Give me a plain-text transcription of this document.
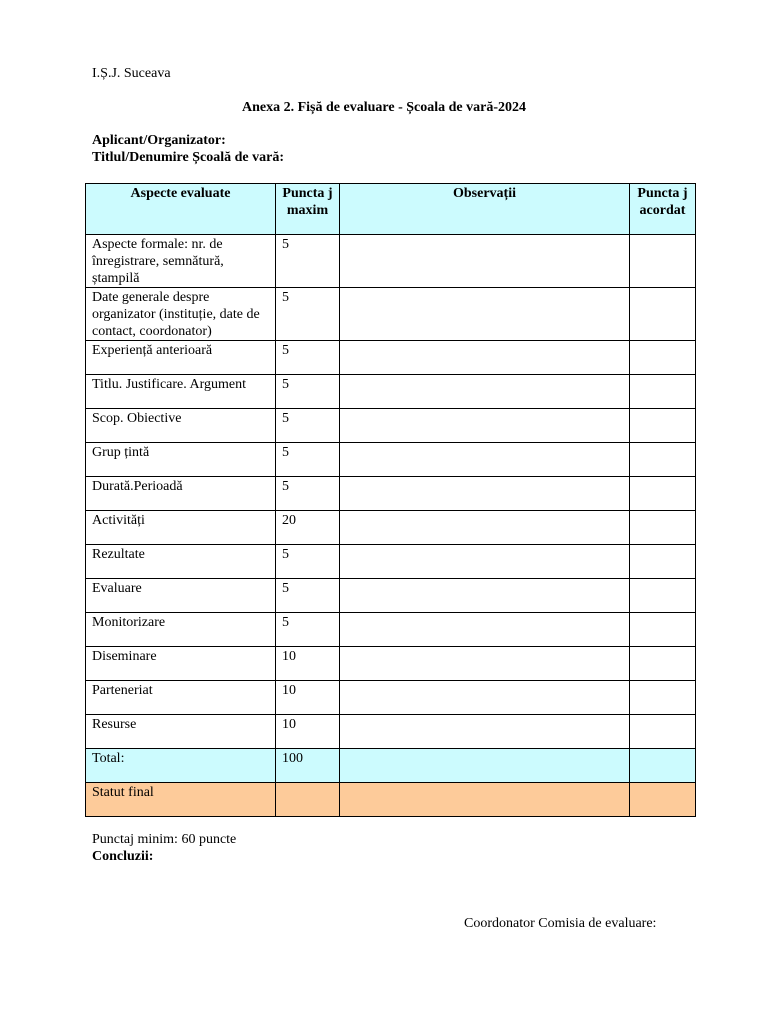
I.Ș.J. Suceava
Anexa 2. Fișă de evaluare - Școala de vară-2024
Aplicant/Organizator:
Titlul/Denumire Școală de vară:
Aspecte evaluate	Puncta j maxim	Observații	Puncta j acordat
Aspecte formale: nr. de înregistrare, semnătură, ștampilă	5		
Date generale despre organizator (instituție, date de contact, coordonator)	5		
Experiență anterioară	5		
Titlu. Justificare. Argument	5		
Scop. Obiective	5		
Grup țintă	5		
Durată.Perioadă	5		
Activități	20		
Rezultate	5		
Evaluare	5		
Monitorizare	5		
Diseminare	10		
Parteneriat	10		
Resurse	10		
Total:	100		
Statut final			
Punctaj minim: 60 puncte
Concluzii:
Coordonator Comisia de evaluare:
